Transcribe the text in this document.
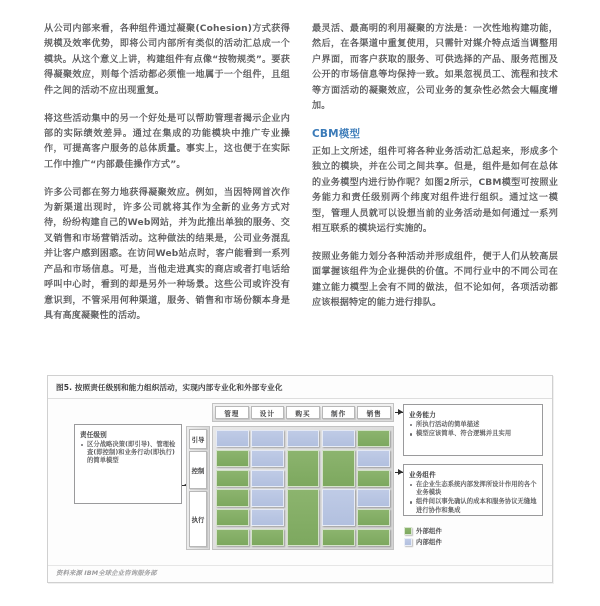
从公司内部来看，各种组件通过凝聚(Cohesion)方式获得规模及效率优势，即将公司内部所有类似的活动汇总成一个模块。从这个意义上讲，构建组件有点像“按物规类”。要获得凝聚效应，则每个活动都必须惟一地属于一个组件，且组件之间的活动不应出现重复。

将这些活动集中的另一个好处是可以帮助管理者揭示企业内部的实际绩效差异。通过在集成的功能模块中推广专业操作，可提高客户服务的总体质量。事实上，这也便于在实际工作中推广“内部最佳操作方式”。

许多公司都在努力地获得凝聚效应。例如，当因特网首次作为新渠道出现时，许多公司就将其作为全新的业务方式对待，纷纷构建自己的Web网站，并为此推出单独的服务、交叉销售和市场营销活动。这种做法的结果是，公司业务混乱并让客户感到困惑。在访问Web站点时，客户能看到一系列产品和市场信息。可是，当他走进真实的商店或者打电话给呼叫中心时，看到的却是另外一种场景。这些公司或许没有意识到，不管采用何种渠道，服务、销售和市场份额本身是具有高度凝聚性的活动。

最灵活、最高明的利用凝聚的方法是：一次性地构建功能，然后，在各渠道中重复使用，只需针对媒介特点适当调整用户界面，而客户获取的服务、可供选择的产品、服务范围及公开的市场信息等均保持一致。如果忽视员工、流程和技术等方面活动的凝聚效应，公司业务的复杂性必然会大幅度增加。

CBM模型

正如上文所述，组件可将各种业务活动汇总起来，形成多个独立的模块，并在公司之间共享。但是，组件是如何在总体的业务模型内进行协作呢？如图2所示，CBM模型可按照业务能力和责任级别两个纬度对组件进行组织。通过这一模型，管理人员就可以设想当前的业务活动是如何通过一系列相互联系的模块运行实施的。

按照业务能力划分各种活动并形成组件，便于人们从较高层面掌握该组件为企业提供的价值。不同行业中的不同公司在建立能力模型上会有不同的做法，但不论如何，各项活动都应该根据特定的能力进行排队。

图5. 按照责任级别和能力组织活动，实现内部专业化和外部专业化
责任级别
区分战略决策(即引导)、管理检查(即控制)和业务行动(即执行)的简单模型
业务能力
所执行活动的简单描述
模型应该简单、符合逻辑并且实用
业务组件
在企业生态系统内部发挥所设计作用的各个业务模块
组件间以事先确认的成本和服务协议无缝地进行协作和集成
管理	设计	购买	制作	销售
引导
控制
执行
外部组件
内部组件
资料来源 IBM全球企业咨询服务部
